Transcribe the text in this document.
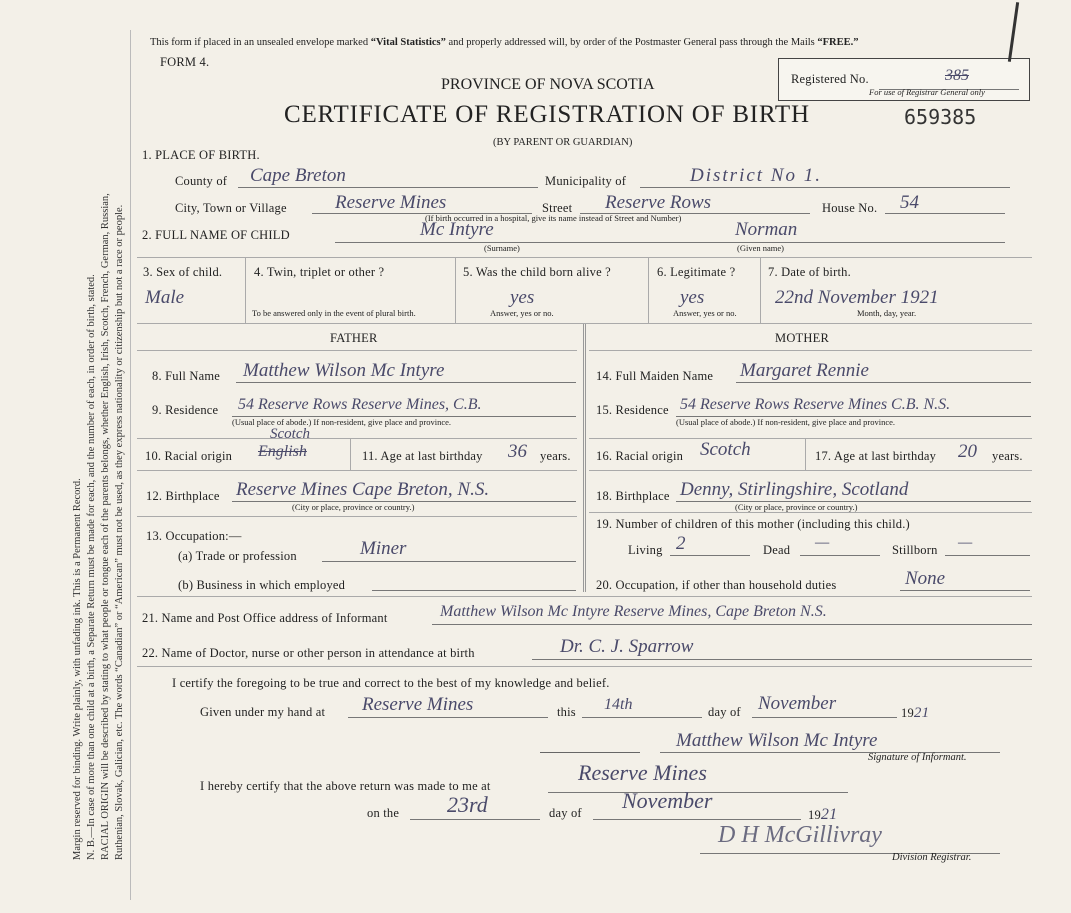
Margin reserved for binding. Write plainly, with unfading ink. This is a Permanent Record. N. B.—In case of more than one child at a birth, a Separate Return must be made for each, and the number of each, in order of birth, stated. RACIAL ORIGIN will be described by stating to what people or tongue each of the parents belongs, whether English, Irish, Scotch, French, German, Russian, Ruthenian, Slovak, Galician, etc. The words “Canadian” or “American” must not be used, as they express nationality or citizenship but not a race or people.
This form if placed in an unsealed envelope marked “Vital Statistics” and properly addressed will, by order of the Postmaster General pass through the Mails “FREE.”
FORM 4.
Registered No.	385
For use of Registrar General only
PROVINCE OF NOVA SCOTIA
CERTIFICATE OF REGISTRATION OF BIRTH	659385
(BY PARENT OR GUARDIAN)
1. PLACE OF BIRTH.
County of Cape Breton	Municipality of	District No 1.
City, Town or Village	Reserve Mines	Street Reserve Rows	House No. 54
(If birth occurred in a hospital, give its name instead of Street and Number)
2. FULL NAME OF CHILD	Mc Intyre
(Surname)
Norman
(Given name)
3. Sex of child.
Male
4. Twin, triplet or other ?
To be answered only in the event of plural birth.
5. Was the child born alive ?
yes
Answer, yes or no.
6. Legitimate ?
yes
Answer, yes or no.
7. Date of birth.
22nd November 1921
Month, day, year.
FATHER	MOTHER
8. Full Name Matthew Wilson Mc Intyre
9. Residence 54 Reserve Rows Reserve Mines, C.B.
(Usual place of abode.) If non-resident, give place and province.
10. Racial origin English
Scotch
11. Age at last birthday 36 years.
12. Birthplace Reserve Mines Cape Breton, N.S.
(City or place, province or country.)
13. Occupation:—
(a) Trade or profession	Miner
(b) Business in which employed
14. Full Maiden Name Margaret Rennie
15. Residence 54 Reserve Rows Reserve Mines C.B. N.S.
(Usual place of abode.) If non-resident, give place and province.
16. Racial origin Scotch	17. Age at last birthday 20 years.
18. Birthplace Denny, Stirlingshire, Scotland
(City or place, province or country.)
19. Number of children of this mother (including this child.)
Living 2	Dead —	Stillborn —
20. Occupation, if other than household duties	None
21. Name and Post Office address of Informant	Matthew Wilson Mc Intyre Reserve Mines, Cape Breton N.S.
22. Name of Doctor, nurse or other person in attendance at birth	Dr. C. J. Sparrow
I certify the foregoing to be true and correct to the best of my knowledge and belief.
Given under my hand at Reserve Mines	this 14th	day of November	1921
Matthew Wilson Mc Intyre
Signature of Informant.
I hereby certify that the above return was made to me at
Reserve Mines
on the 23rd	day of November
1921
D H McGillivray
Division Registrar.
